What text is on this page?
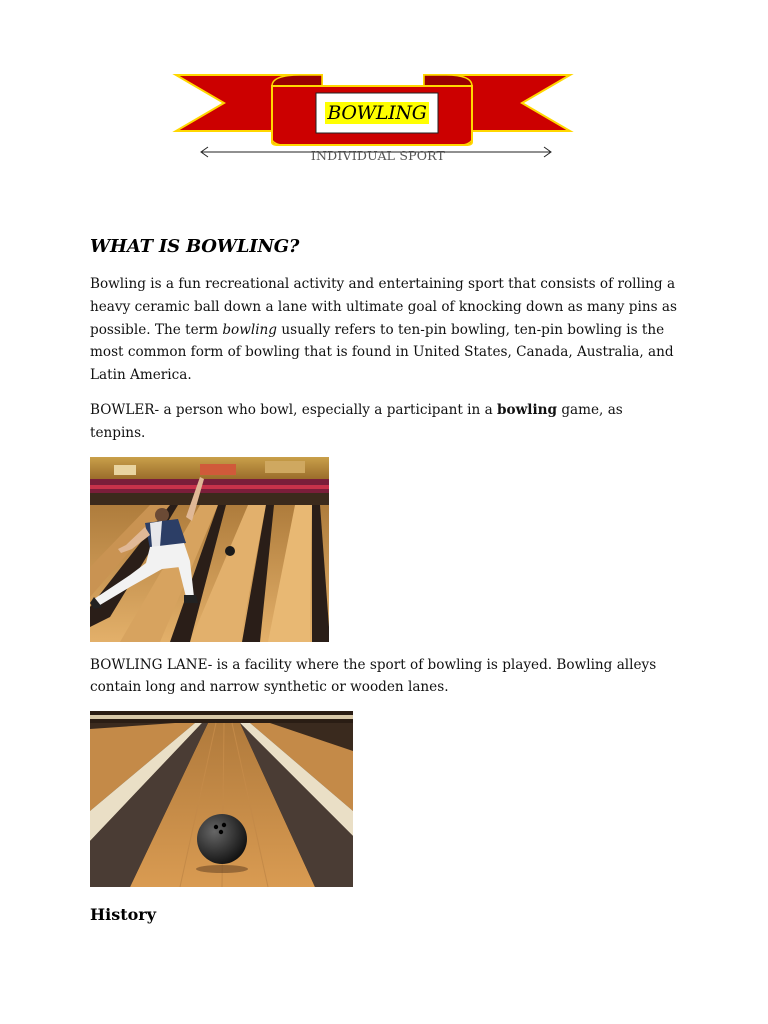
BOWLING
INDIVIDUAL SPORT
WHAT IS BOWLING?

Bowling is a fun recreational activity and entertaining sport that consists of rolling a heavy ceramic ball down a lane with ultimate goal of knocking down as many pins as possible. The term bowling usually refers to ten-pin bowling, ten-pin bowling is the most common form of bowling that is found in United States, Canada, Australia, and Latin America.

BOWLER- a person who bowl, especially a participant in a bowling game, as tenpins.

BOWLING LANE- is a facility where the sport of bowling is played. Bowling alleys contain long and narrow synthetic or wooden lanes.

History
